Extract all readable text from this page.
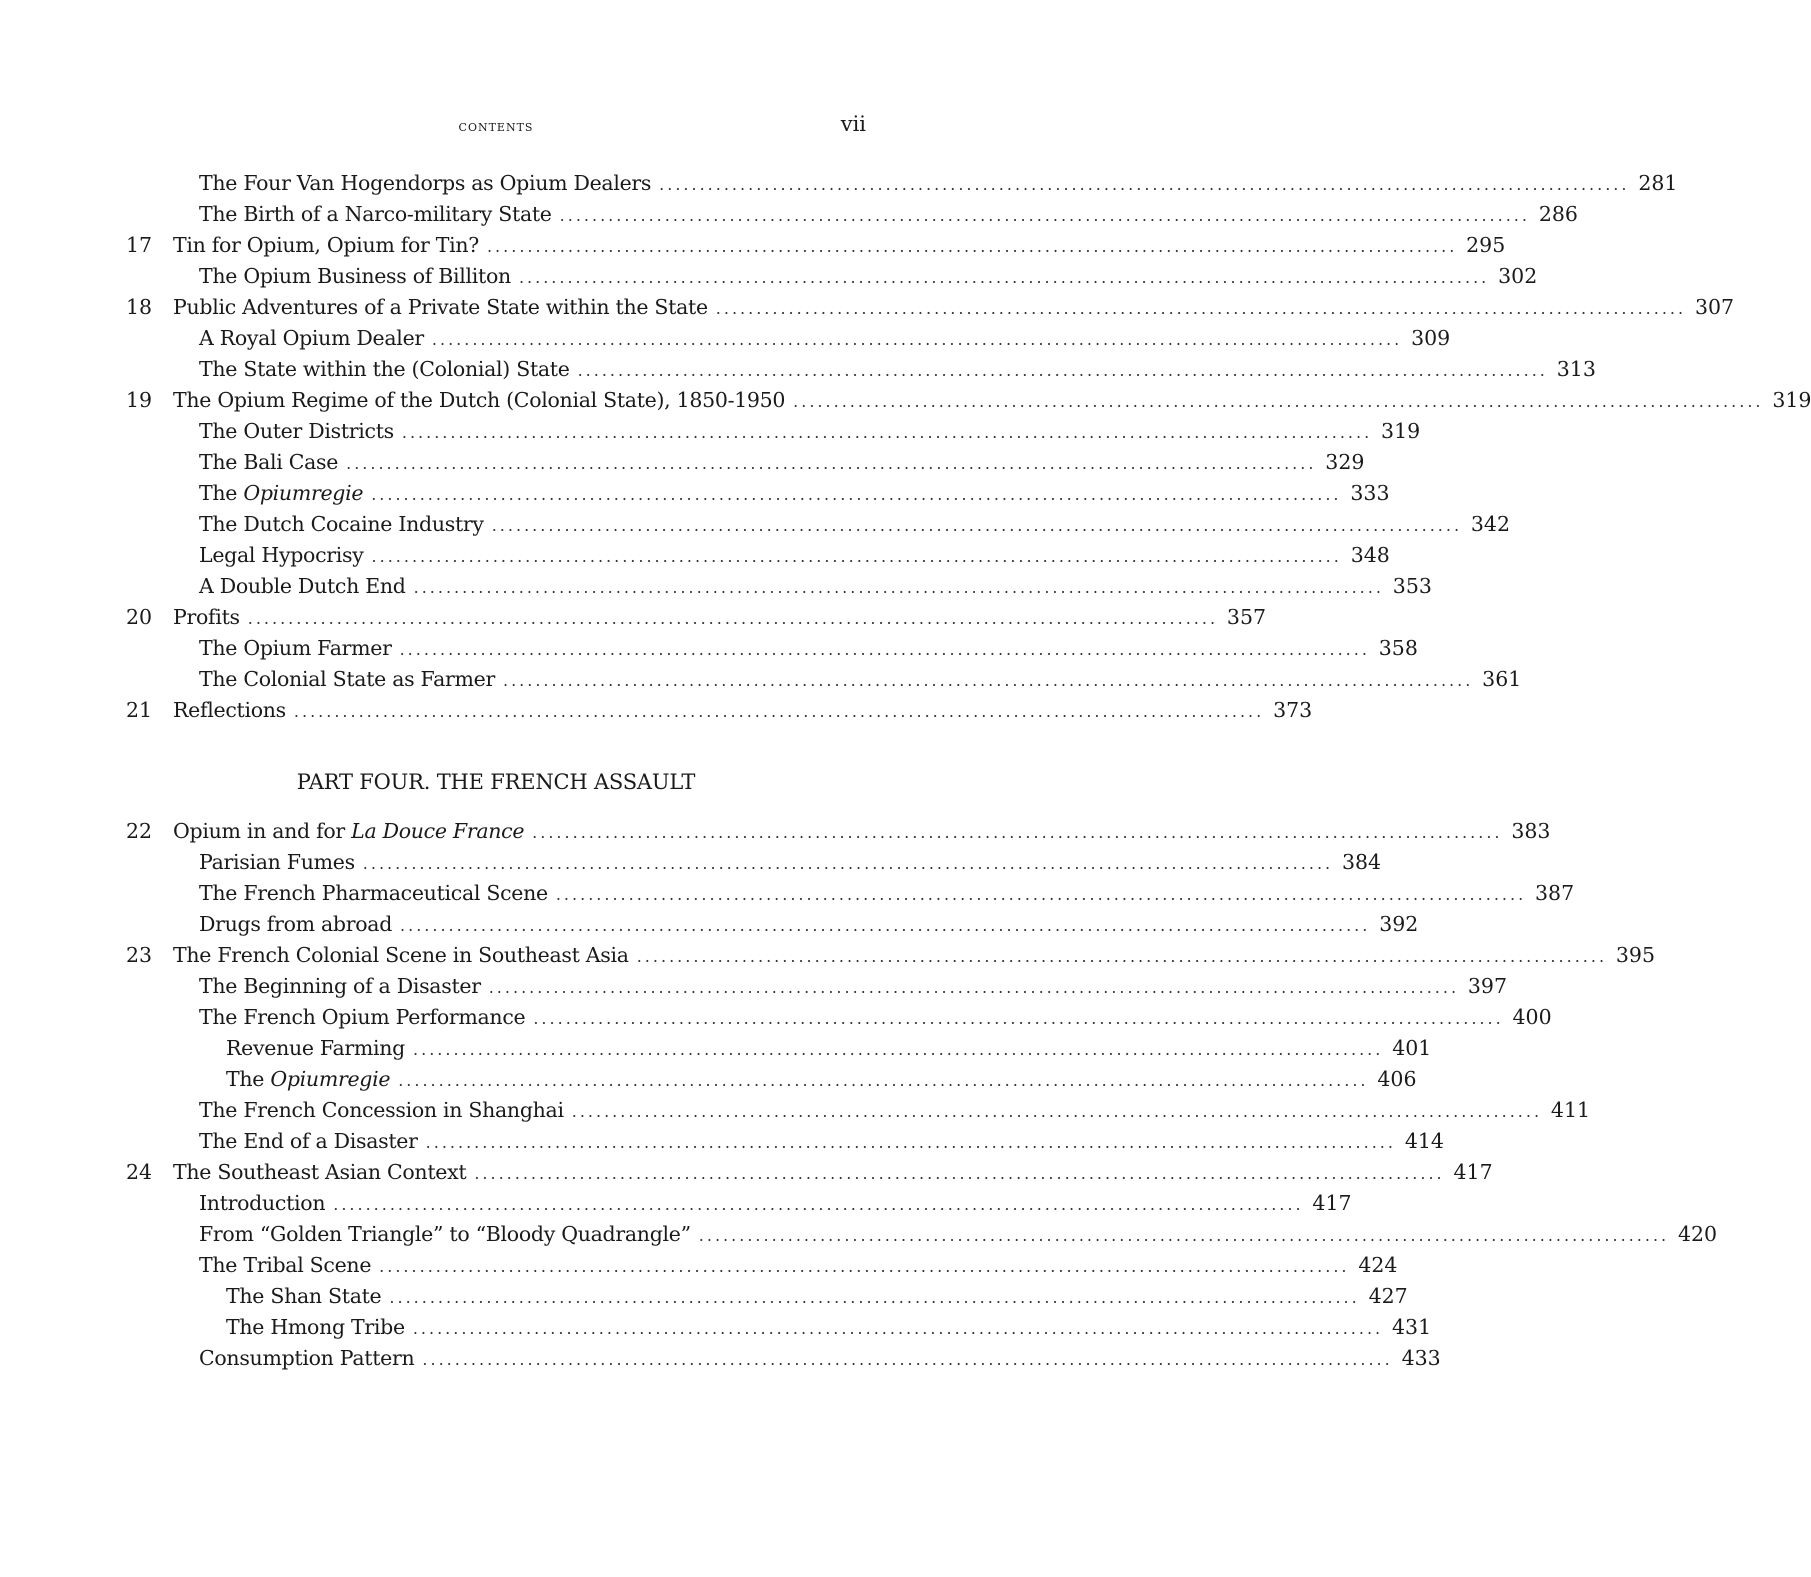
contents	vii
The Four Van Hogendorps as Opium Dealers ........................................................................................................................ 281
The Birth of a Narco-military State ........................................................................................................................ 286
17 Tin for Opium, Opium for Tin? ........................................................................................................................ 295
The Opium Business of Billiton ........................................................................................................................ 302
18 Public Adventures of a Private State within the State ........................................................................................................................ 307
A Royal Opium Dealer ........................................................................................................................ 309
The State within the (Colonial) State ........................................................................................................................ 313
19 The Opium Regime of the Dutch (Colonial State), 1850-1950 ........................................................................................................................ 319
The Outer Districts ........................................................................................................................ 319
The Bali Case ........................................................................................................................ 329
The Opiumregie ........................................................................................................................ 333
The Dutch Cocaine Industry ........................................................................................................................ 342
Legal Hypocrisy ........................................................................................................................ 348
A Double Dutch End ........................................................................................................................ 353
20 Profits ........................................................................................................................ 357
The Opium Farmer ........................................................................................................................ 358
The Colonial State as Farmer ........................................................................................................................ 361
21 Reflections ........................................................................................................................ 373
PART FOUR. THE FRENCH ASSAULT
22 Opium in and for La Douce France ........................................................................................................................ 383
Parisian Fumes ........................................................................................................................ 384
The French Pharmaceutical Scene ........................................................................................................................ 387
Drugs from abroad ........................................................................................................................ 392
23 The French Colonial Scene in Southeast Asia ........................................................................................................................ 395
The Beginning of a Disaster ........................................................................................................................ 397
The French Opium Performance ........................................................................................................................ 400
Revenue Farming ........................................................................................................................ 401
The Opiumregie ........................................................................................................................ 406
The French Concession in Shanghai ........................................................................................................................ 411
The End of a Disaster ........................................................................................................................ 414
24 The Southeast Asian Context ........................................................................................................................ 417
Introduction ........................................................................................................................ 417
From “Golden Triangle” to “Bloody Quadrangle” ........................................................................................................................ 420
The Tribal Scene ........................................................................................................................ 424
The Shan State ........................................................................................................................ 427
The Hmong Tribe ........................................................................................................................ 431
Consumption Pattern ........................................................................................................................ 433
